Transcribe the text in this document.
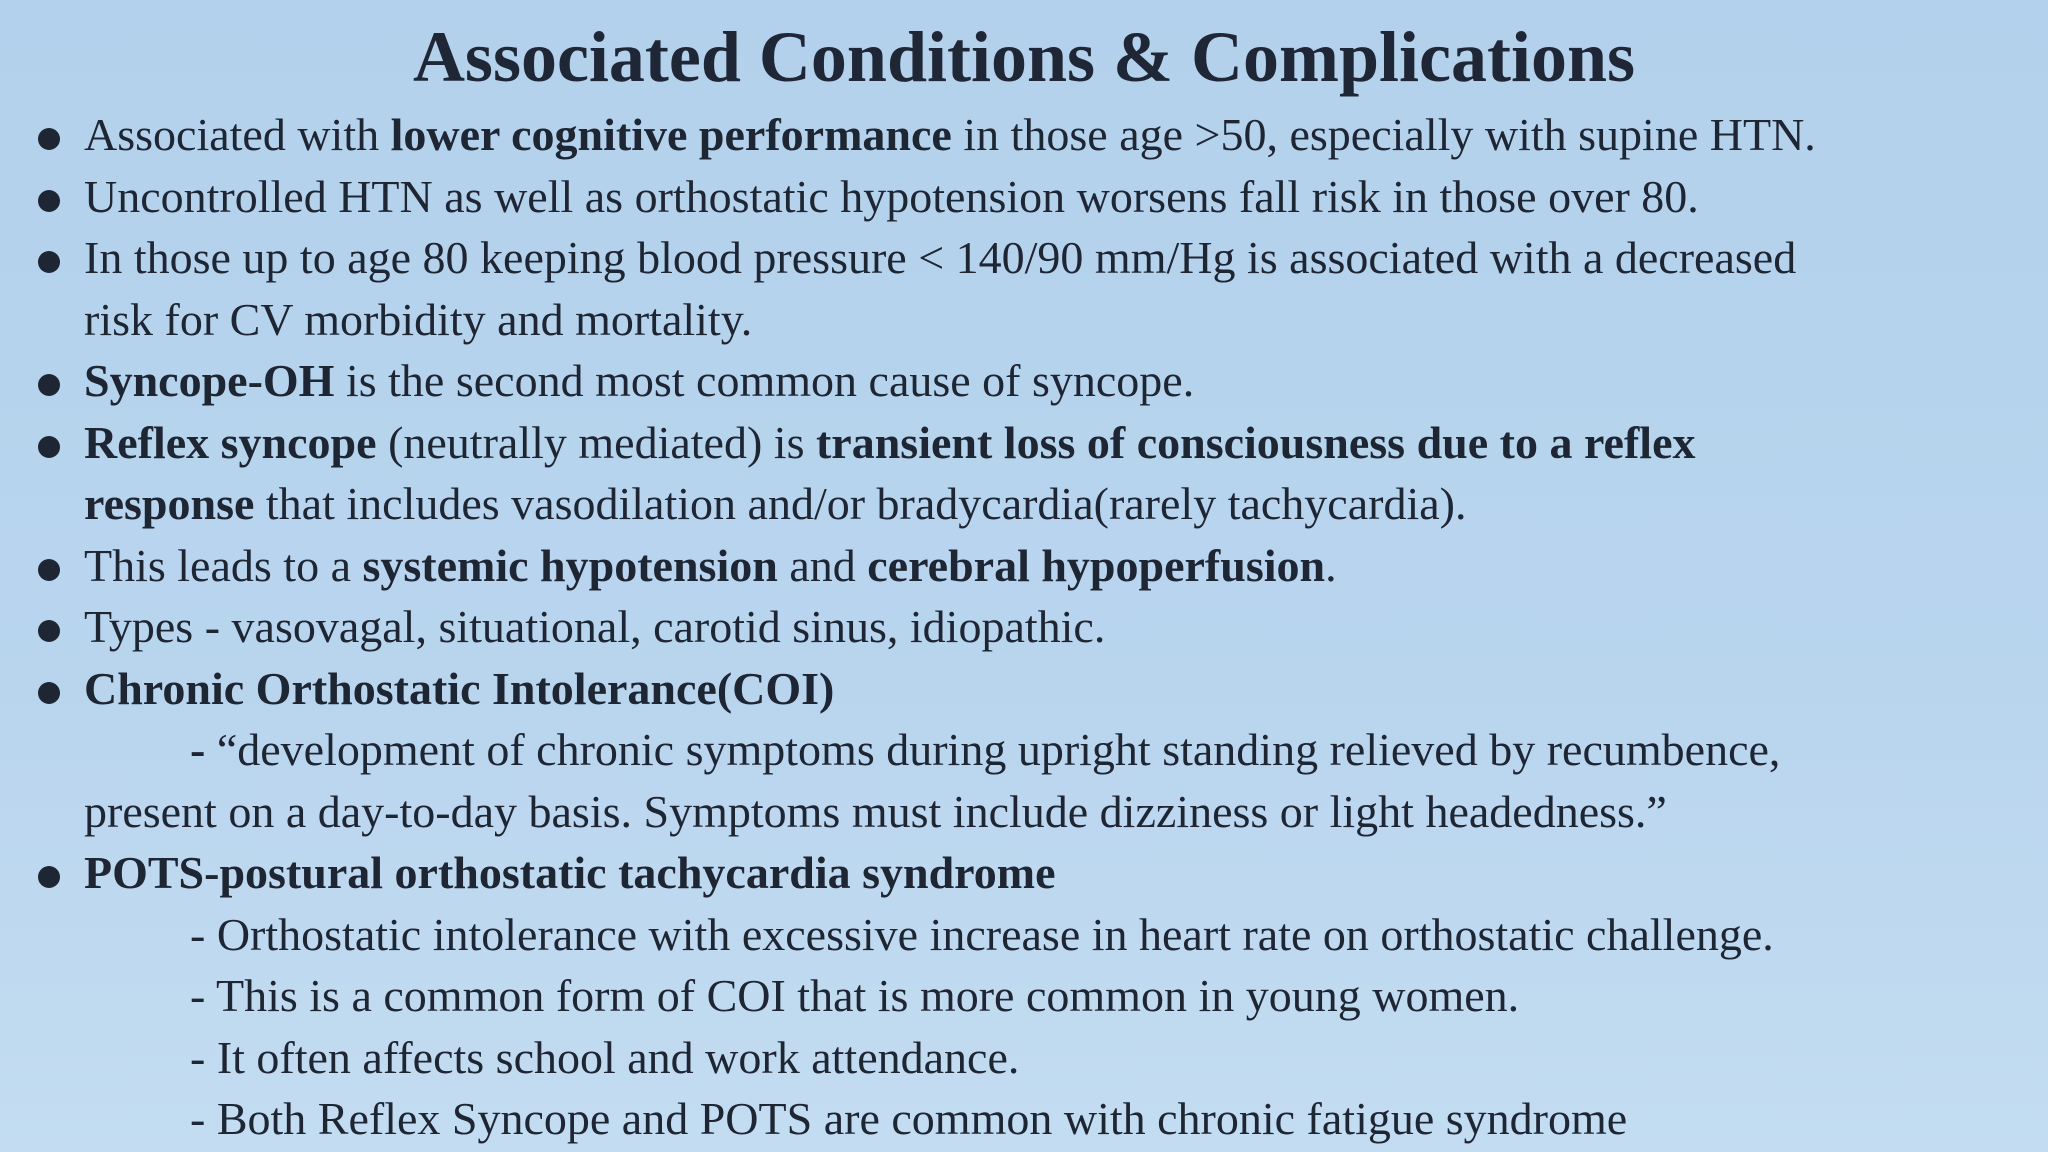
Associated Conditions & Complications
Associated with lower cognitive performance in those age >50, especially with supine HTN.
Uncontrolled HTN as well as orthostatic hypotension worsens fall risk in those over 80.
In those up to age 80 keeping blood pressure < 140/90 mm/Hg is associated with a decreased
risk for CV morbidity and mortality.
Syncope-OH is the second most common cause of syncope.
Reflex syncope (neutrally mediated) is transient loss of consciousness due to a reflex
response that includes vasodilation and/or bradycardia(rarely tachycardia).
This leads to a systemic hypotension and cerebral hypoperfusion.
Types - vasovagal, situational, carotid sinus, idiopathic.
Chronic Orthostatic Intolerance(COI)
- “development of chronic symptoms during upright standing relieved by recumbence,
present on a day-to-day basis. Symptoms must include dizziness or light headedness.”
POTS-postural orthostatic tachycardia syndrome
- Orthostatic intolerance with excessive increase in heart rate on orthostatic challenge.
- This is a common form of COI that is more common in young women.
- It often affects school and work attendance.
- Both Reflex Syncope and POTS are common with chronic fatigue syndrome
